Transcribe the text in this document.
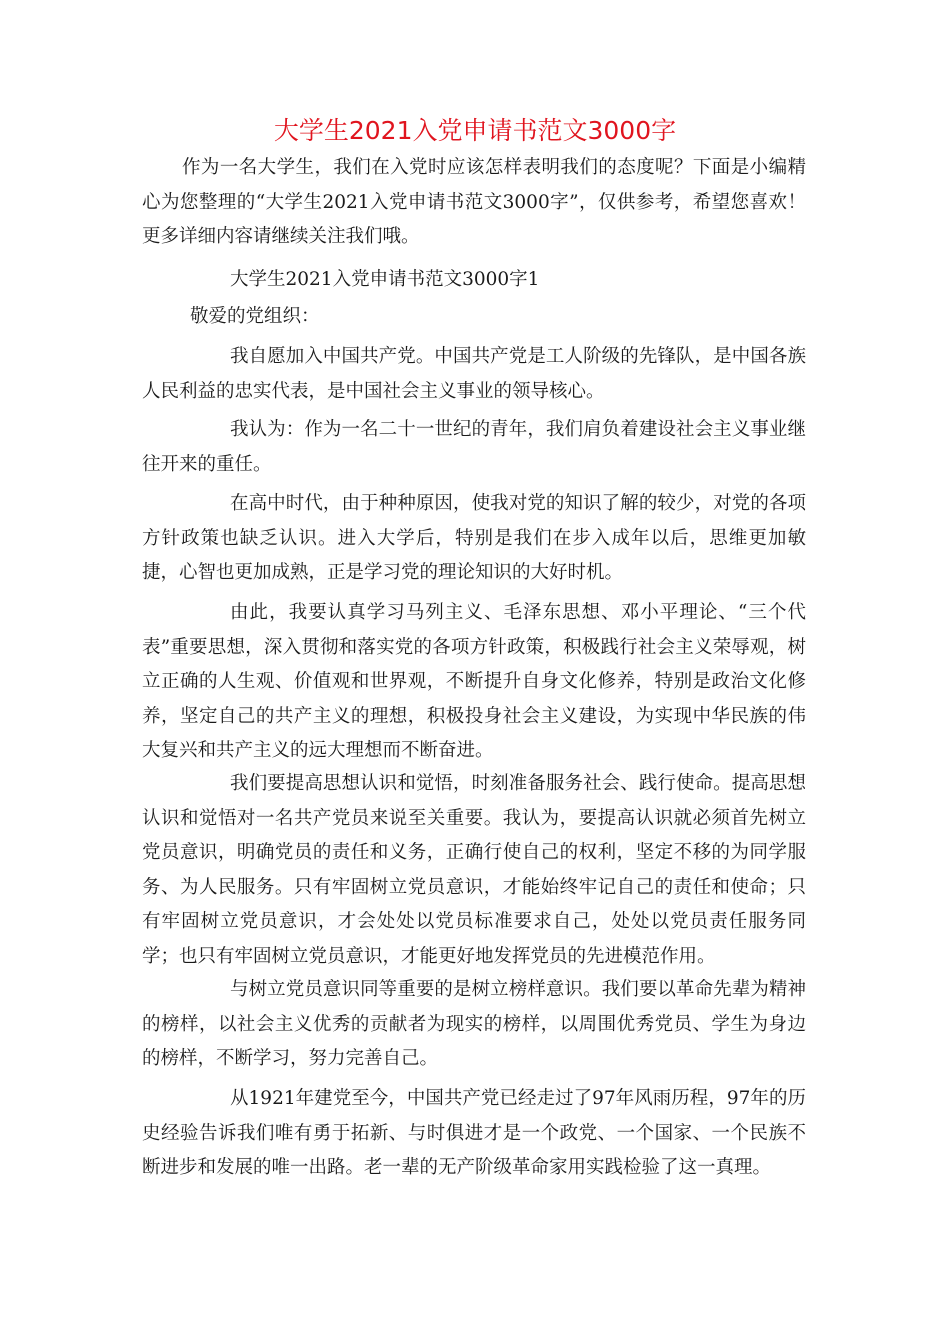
大学生2021入党申请书范文3000字

作为一名大学生，我们在入党时应该怎样表明我们的态度呢？下面是小编精心为您整理的“大学生2021入党申请书范文3000字”，仅供参考，希望您喜欢！更多详细内容请继续关注我们哦。

大学生2021入党申请书范文3000字1

敬爱的党组织：

我自愿加入中国共产党。中国共产党是工人阶级的先锋队，是中国各族人民利益的忠实代表，是中国社会主义事业的领导核心。

我认为：作为一名二十一世纪的青年，我们肩负着建设社会主义事业继往开来的重任。

在高中时代，由于种种原因，使我对党的知识了解的较少，对党的各项方针政策也缺乏认识。进入大学后，特别是我们在步入成年以后，思维更加敏捷，心智也更加成熟，正是学习党的理论知识的大好时机。

由此，我要认真学习马列主义、毛泽东思想、邓小平理论、“三个代表”重要思想，深入贯彻和落实党的各项方针政策，积极践行社会主义荣辱观，树立正确的人生观、价值观和世界观，不断提升自身文化修养，特别是政治文化修养，坚定自己的共产主义的理想，积极投身社会主义建设，为实现中华民族的伟大复兴和共产主义的远大理想而不断奋进。

我们要提高思想认识和觉悟，时刻准备服务社会、践行使命。提高思想认识和觉悟对一名共产党员来说至关重要。我认为，要提高认识就必须首先树立党员意识，明确党员的责任和义务，正确行使自己的权利，坚定不移的为同学服务、为人民服务。只有牢固树立党员意识，才能始终牢记自己的责任和使命；只有牢固树立党员意识，才会处处以党员标准要求自己，处处以党员责任服务同学；也只有牢固树立党员意识，才能更好地发挥党员的先进模范作用。

与树立党员意识同等重要的是树立榜样意识。我们要以革命先辈为精神的榜样，以社会主义优秀的贡献者为现实的榜样，以周围优秀党员、学生为身边的榜样，不断学习，努力完善自己。

从1921年建党至今，中国共产党已经走过了97年风雨历程，97年的历史经验告诉我们唯有勇于拓新、与时俱进才是一个政党、一个国家、一个民族不断进步和发展的唯一出路。老一辈的无产阶级革命家用实践检验了这一真理。
